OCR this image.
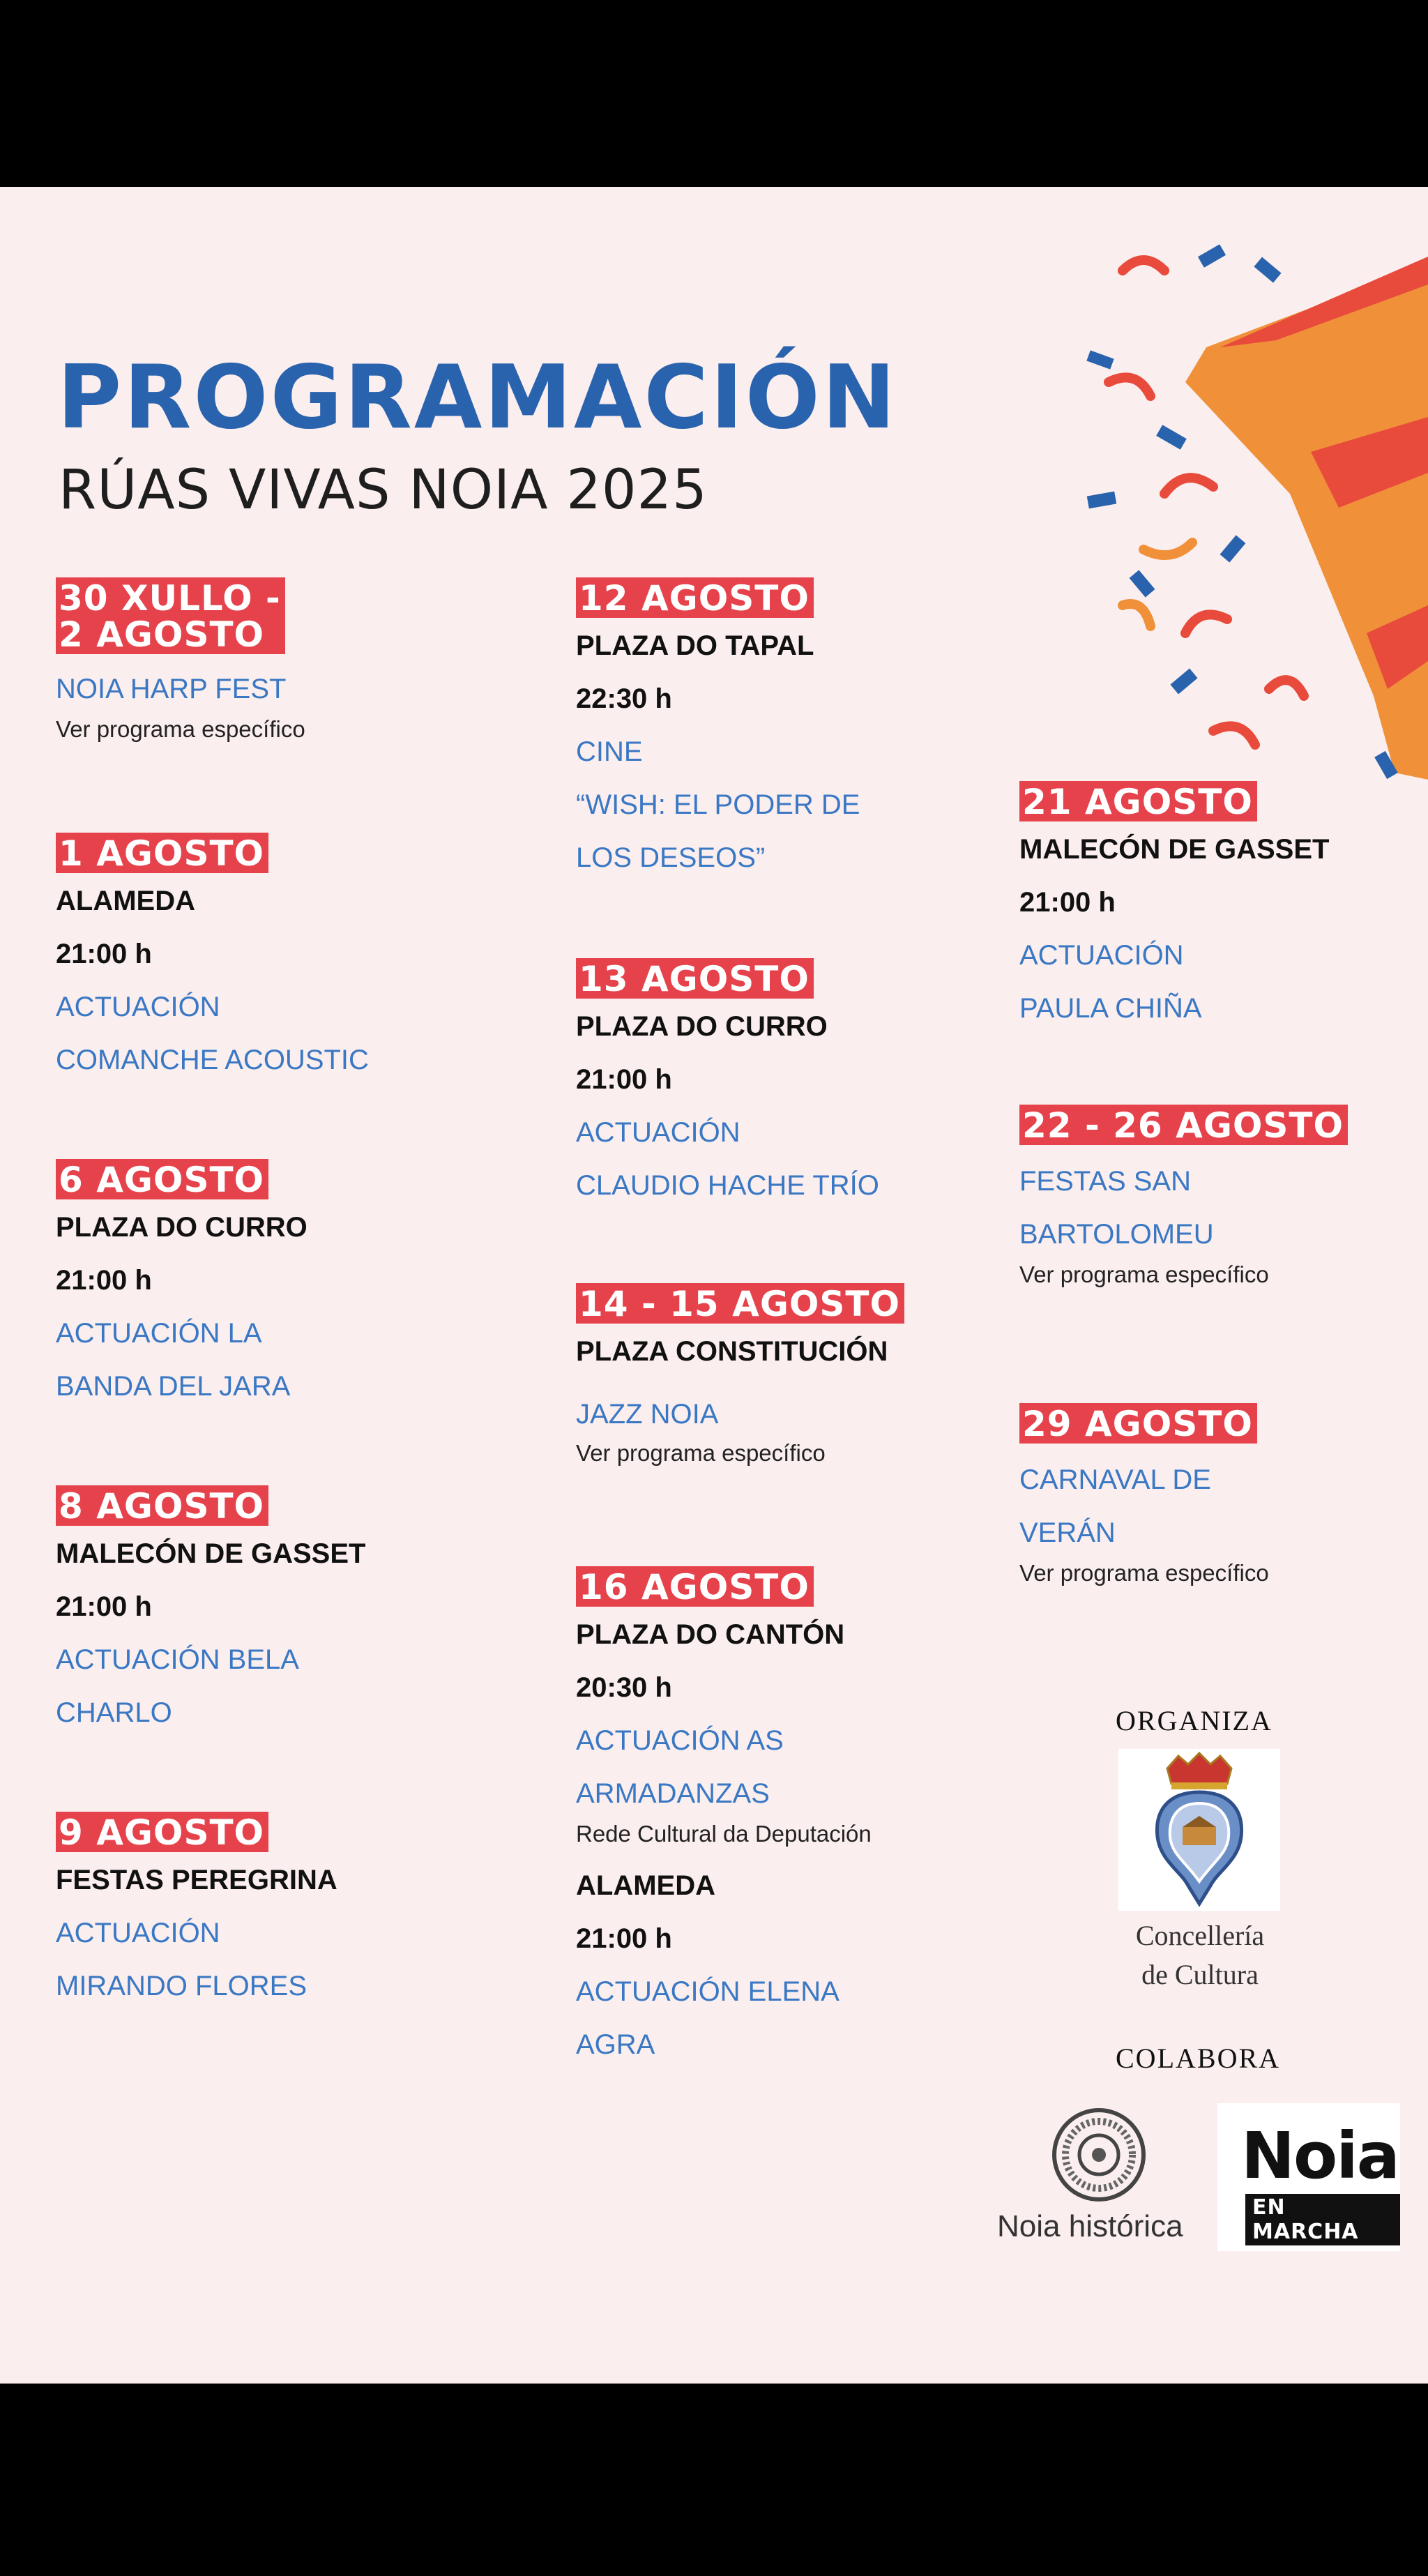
PROGRAMACIÓN
RÚAS VIVAS NOIA 2025
30 XULLO -
2 AGOSTO
NOIA HARP FEST
Ver programa específico
1 AGOSTO
ALAMEDA
21:00 h
ACTUACIÓN
COMANCHE ACOUSTIC
6 AGOSTO
PLAZA DO CURRO
21:00 h
ACTUACIÓN LA
BANDA DEL JARA
8 AGOSTO
MALECÓN DE GASSET
21:00 h
ACTUACIÓN BELA
CHARLO
9 AGOSTO
FESTAS PEREGRINA
ACTUACIÓN
MIRANDO FLORES
12 AGOSTO
PLAZA DO TAPAL
22:30 h
CINE
“WISH: EL PODER DE
LOS DESEOS”
13 AGOSTO
PLAZA DO CURRO
21:00 h
ACTUACIÓN
CLAUDIO HACHE TRÍO
14 - 15 AGOSTO
PLAZA CONSTITUCIÓN
JAZZ NOIA
Ver programa específico
16 AGOSTO
PLAZA DO CANTÓN
20:30 h
ACTUACIÓN AS
ARMADANZAS
Rede Cultural da Deputación
ALAMEDA
21:00 h
ACTUACIÓN ELENA
AGRA
21 AGOSTO
MALECÓN DE GASSET
21:00 h
ACTUACIÓN
PAULA CHIÑA
22 - 26 AGOSTO
FESTAS SAN
BARTOLOMEU
Ver programa específico
29 AGOSTO
CARNAVAL DE
VERÁN
Ver programa específico
ORGANIZA
Concellería
de Cultura
COLABORA
Noia histórica
Noia
EN MARCHA
